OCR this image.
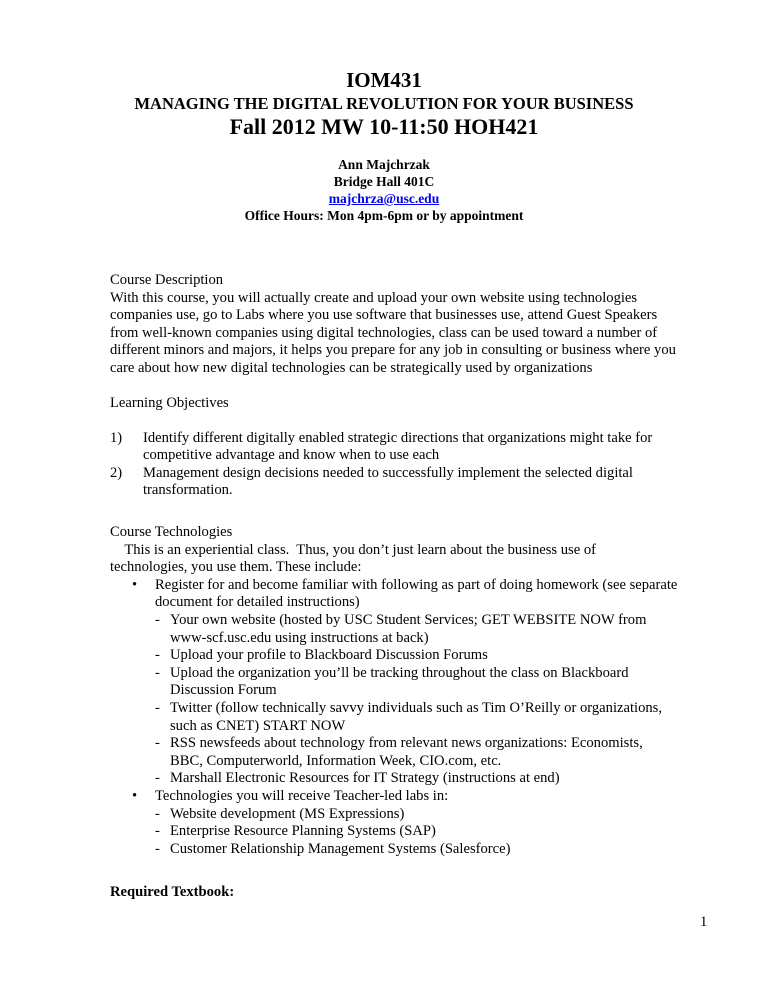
IOM431
MANAGING THE DIGITAL REVOLUTION FOR YOUR BUSINESS
Fall 2012 MW 10-11:50 HOH421
Ann Majchrzak
Bridge Hall 401C
majchrza@usc.edu
Office Hours: Mon 4pm-6pm or by appointment
Course Description
With this course, you will actually create and upload your own website using technologies
companies use, go to Labs where you use software that businesses use, attend Guest Speakers
from well-known companies using digital technologies, class can be used toward a number of
different minors and majors, it helps you prepare for any job in consulting or business where you
care about how new digital technologies can be strategically used by organizations
Learning Objectives
1) Identify different digitally enabled strategic directions that organizations might take for
competitive advantage and know when to use each
2) Management design decisions needed to successfully implement the selected digital
transformation.
Course Technologies
This is an experiential class.  Thus, you don’t just learn about the business use of
technologies, you use them. These include:
• Register for and become familiar with following as part of doing homework (see separate
document for detailed instructions)
- Your own website (hosted by USC Student Services; GET WEBSITE NOW from
www-scf.usc.edu using instructions at back)
- Upload your profile to Blackboard Discussion Forums
- Upload the organization you’ll be tracking throughout the class on Blackboard
Discussion Forum
- Twitter (follow technically savvy individuals such as Tim O’Reilly or organizations,
such as CNET) START NOW
- RSS newsfeeds about technology from relevant news organizations: Economists,
BBC, Computerworld, Information Week, CIO.com, etc.
- Marshall Electronic Resources for IT Strategy (instructions at end)
• Technologies you will receive Teacher-led labs in:
- Website development (MS Expressions)
- Enterprise Resource Planning Systems (SAP)
- Customer Relationship Management Systems (Salesforce)
Required Textbook:
1
